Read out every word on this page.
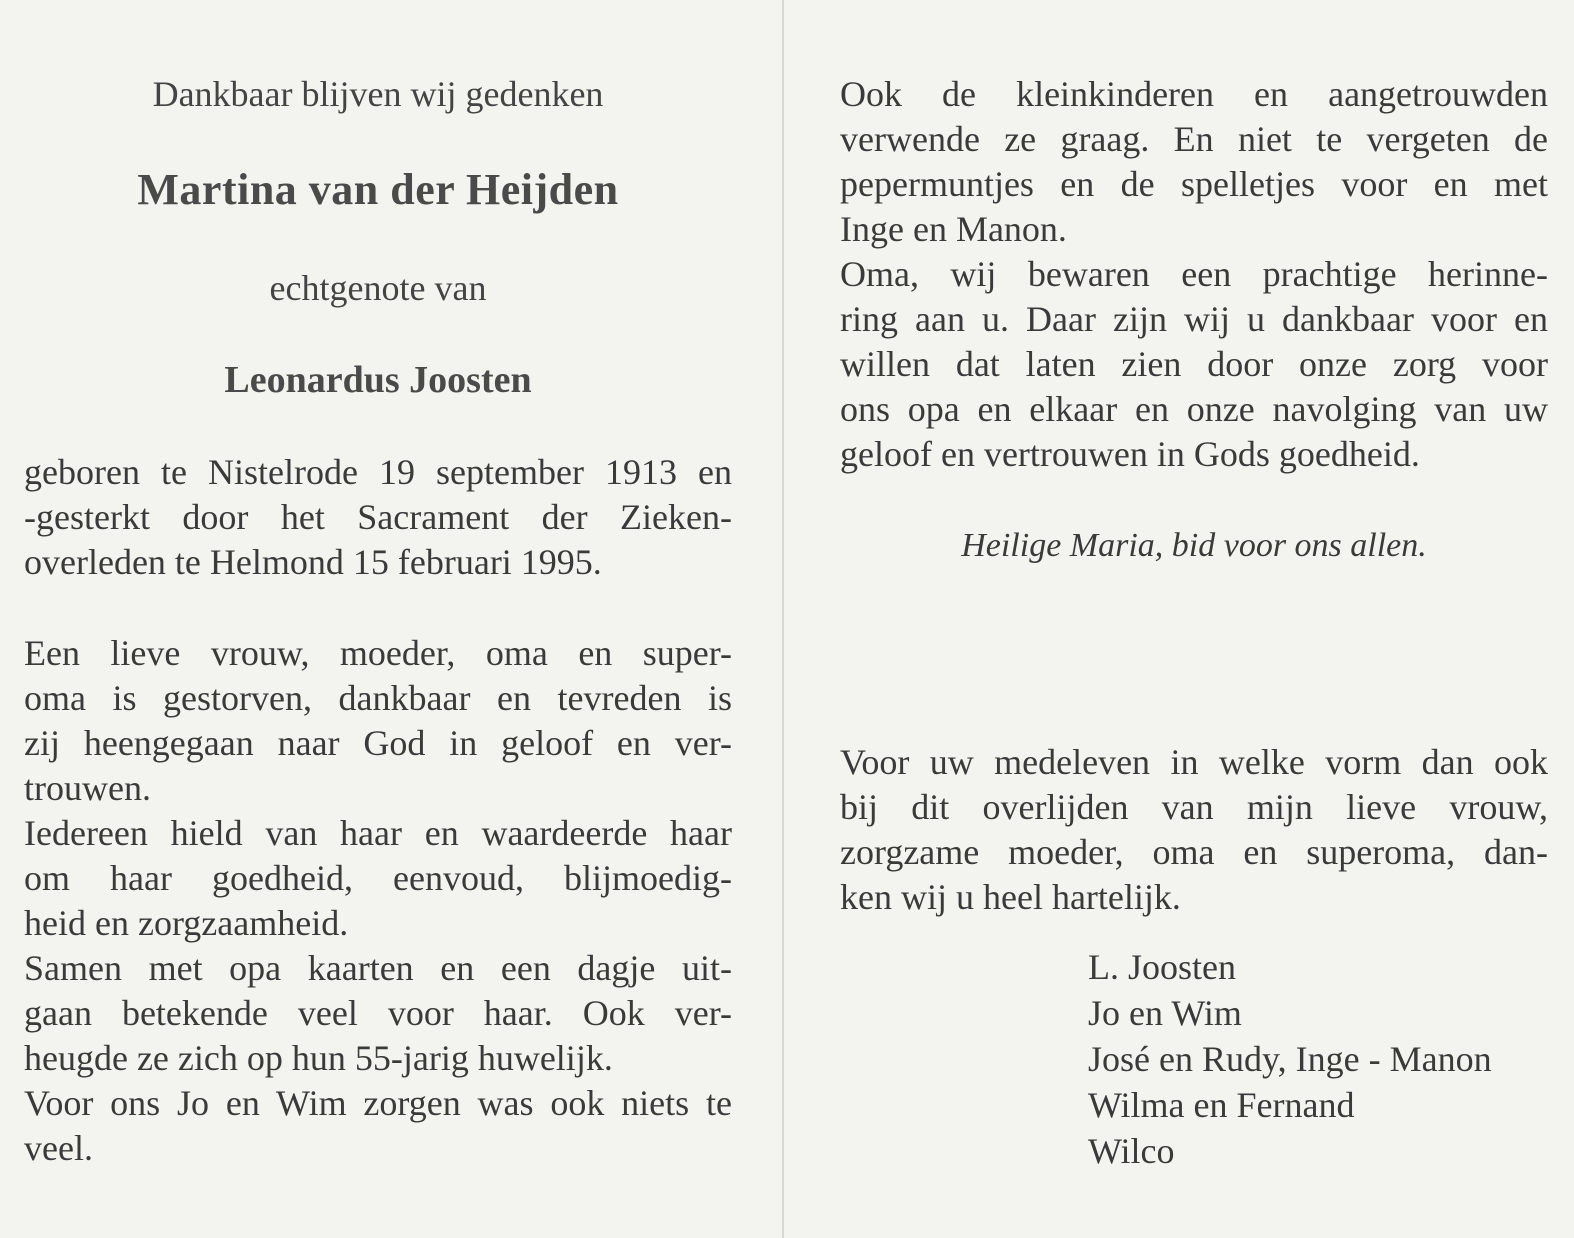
Dankbaar blijven wij gedenken
Martina van der Heijden
echtgenote van
Leonardus Joosten
geboren te Nistelrode 19 september 1913 en
-gesterkt door het Sacrament der Zieken-
overleden te Helmond 15 februari 1995.
Een lieve vrouw, moeder, oma en super-
oma is gestorven, dankbaar en tevreden is
zij heengegaan naar God in geloof en ver-
trouwen.
Iedereen hield van haar en waardeerde haar
om haar goedheid, eenvoud, blijmoedig-
heid en zorgzaamheid.
Samen met opa kaarten en een dagje uit-
gaan betekende veel voor haar. Ook ver-
heugde ze zich op hun 55-jarig huwelijk.
Voor ons Jo en Wim zorgen was ook niets te
veel.
Ook de kleinkinderen en aangetrouwden
verwende ze graag. En niet te vergeten de
pepermuntjes en de spelletjes voor en met
Inge en Manon.
Oma, wij bewaren een prachtige herinne-
ring aan u. Daar zijn wij u dankbaar voor en
willen dat laten zien door onze zorg voor
ons opa en elkaar en onze navolging van uw
geloof en vertrouwen in Gods goedheid.
Heilige Maria, bid voor ons allen.
Voor uw medeleven in welke vorm dan ook
bij dit overlijden van mijn lieve vrouw,
zorgzame moeder, oma en superoma, dan-
ken wij u heel hartelijk.
L. Joosten
Jo en Wim
José en Rudy, Inge - Manon
Wilma en Fernand
Wilco
